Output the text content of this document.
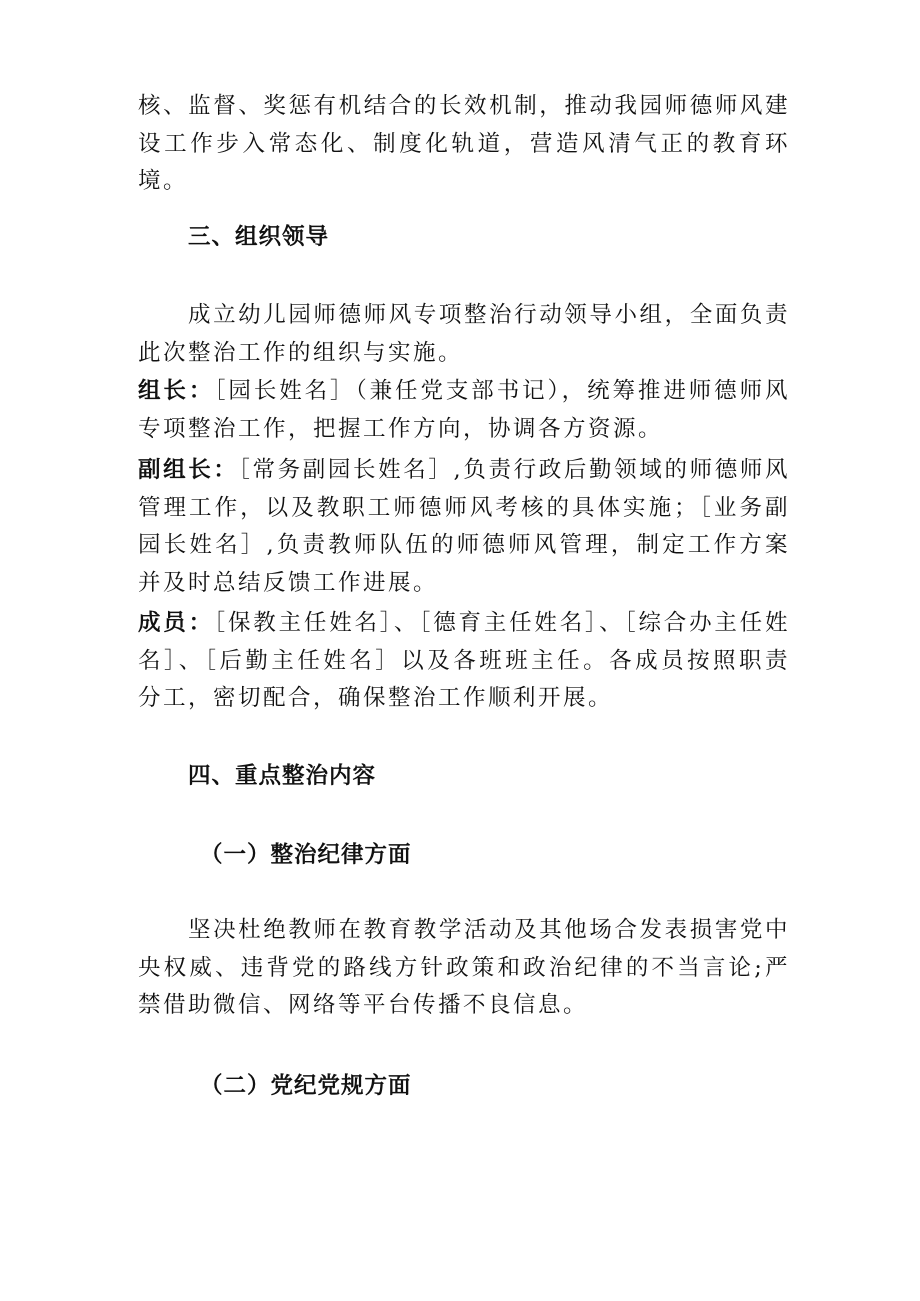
核、监督、奖惩有机结合的长效机制，推动我园师德师风建设工作步入常态化、制度化轨道，营造风清气正的教育环境。

三、组织领导

成立幼儿园师德师风专项整治行动领导小组，全面负责此次整治工作的组织与实施。

组长：［园长姓名］（兼任党支部书记），统筹推进师德师风专项整治工作，把握工作方向，协调各方资源。

副组长：［常务副园长姓名］,负责行政后勤领域的师德师风管理工作，以及教职工师德师风考核的具体实施；［业务副园长姓名］,负责教师队伍的师德师风管理，制定工作方案并及时总结反馈工作进展。

成员：［保教主任姓名］、［德育主任姓名］、［综合办主任姓名］、［后勤主任姓名］以及各班班主任。各成员按照职责分工，密切配合，确保整治工作顺利开展。

四、重点整治内容
（一）整治纪律方面

坚决杜绝教师在教育教学活动及其他场合发表损害党中央权威、违背党的路线方针政策和政治纪律的不当言论;严禁借助微信、网络等平台传播不良信息。

（二）党纪党规方面
